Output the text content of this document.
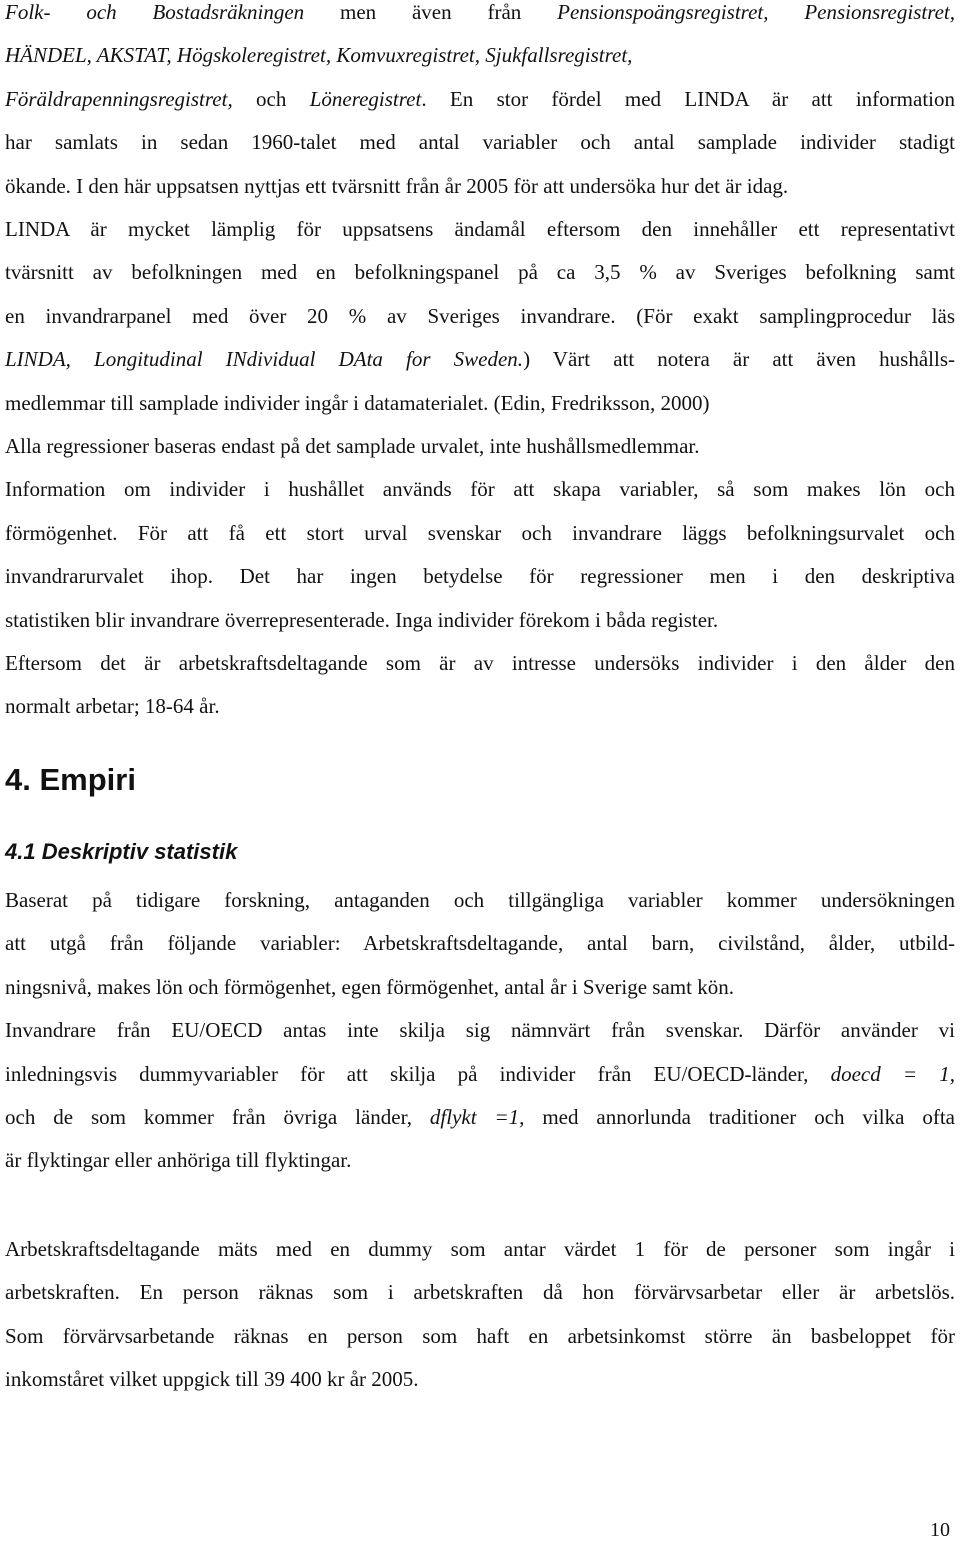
Folk- och Bostadsräkningen men även från Pensionspoängsregistret, Pensionsregistret,
HÄNDEL, AKSTAT, Högskoleregistret, Komvuxregistret, Sjukfallsregistret,
Föräldrapenningsregistret, och Löneregistret. En stor fördel med LINDA är att information
har samlats in sedan 1960-talet med antal variabler och antal samplade individer stadigt
ökande. I den här uppsatsen nyttjas ett tvärsnitt från år 2005 för att undersöka hur det är idag.
LINDA är mycket lämplig för uppsatsens ändamål eftersom den innehåller ett representativt
tvärsnitt av befolkningen med en befolkningspanel på ca 3,5 % av Sveriges befolkning samt
en invandrarpanel med över 20 % av Sveriges invandrare. (För exakt samplingprocedur läs
LINDA, Longitudinal INdividual DAta for Sweden.) Värt att notera är att även hushålls-
medlemmar till samplade individer ingår i datamaterialet. (Edin, Fredriksson, 2000)
Alla regressioner baseras endast på det samplade urvalet, inte hushållsmedlemmar.
Information om individer i hushållet används för att skapa variabler, så som makes lön och
förmögenhet. För att få ett stort urval svenskar och invandrare läggs befolkningsurvalet och
invandrarurvalet ihop. Det har ingen betydelse för regressioner men i den deskriptiva
statistiken blir invandrare överrepresenterade. Inga individer förekom i båda register.
Eftersom det är arbetskraftsdeltagande som är av intresse undersöks individer i den ålder den
normalt arbetar; 18-64 år.
4. Empiri
4.1 Deskriptiv statistik
Baserat på tidigare forskning, antaganden och tillgängliga variabler kommer undersökningen
att utgå från följande variabler: Arbetskraftsdeltagande, antal barn, civilstånd, ålder, utbild-
ningsnivå, makes lön och förmögenhet, egen förmögenhet, antal år i Sverige samt kön.
Invandrare från EU/OECD antas inte skilja sig nämnvärt från svenskar. Därför använder vi
inledningsvis dummyvariabler för att skilja på individer från EU/OECD-länder, doecd = 1,
och de som kommer från övriga länder, dflykt =1, med annorlunda traditioner och vilka ofta
är flyktingar eller anhöriga till flyktingar.
Arbetskraftsdeltagande mäts med en dummy som antar värdet 1 för de personer som ingår i
arbetskraften. En person räknas som i arbetskraften då hon förvärvsarbetar eller är arbetslös.
Som förvärvsarbetande räknas en person som haft en arbetsinkomst större än basbeloppet för
inkomståret vilket uppgick till 39 400 kr år 2005.
10
